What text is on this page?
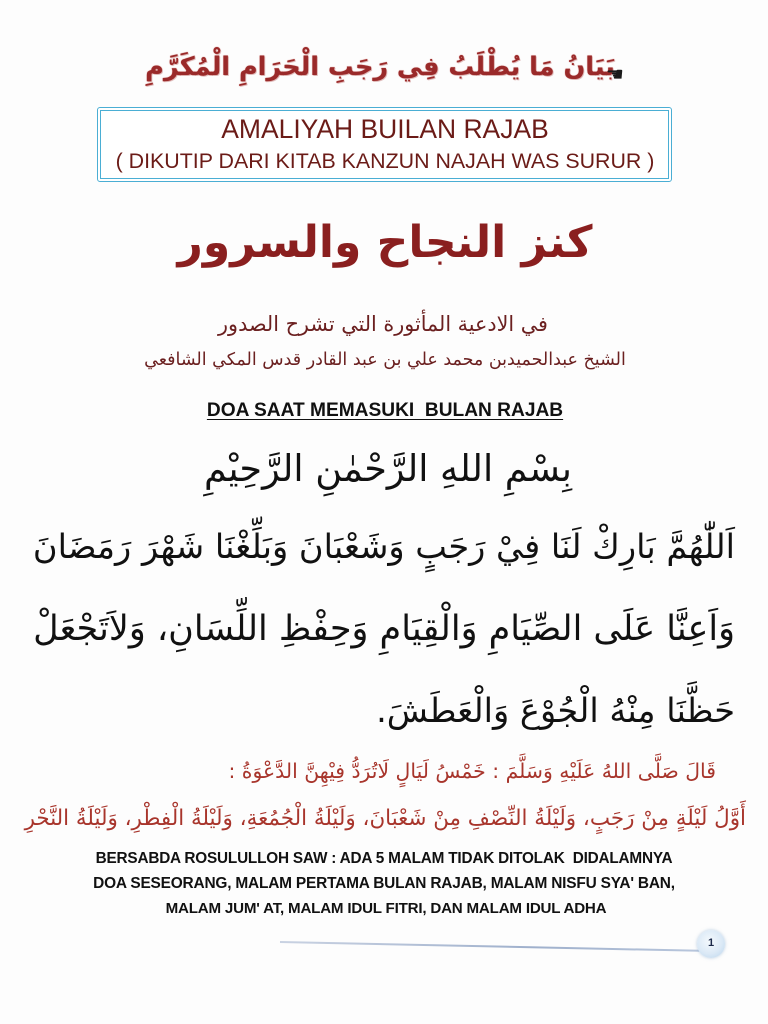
بَيَانُ مَا يُطْلَبُ فِي رَجَبِ الْحَرَامِ الْمُكَرَّمِ
☚
AMALIYAH BUILAN RAJAB
( DIKUTIP DARI KITAB KANZUN NAJAH WAS SURUR )
كنز النجاح والسرور
في الادعية المأثورة التي تشرح الصدور
الشيخ عبدالحميدبن محمد علي بن عبد القادر قدس المكي الشافعي
DOA SAAT MEMASUKI  BULAN RAJAB
بِسْمِ اللهِ الرَّحْمٰنِ الرَّحِيْمِ
اَللّٰهُمَّ بَارِكْ لَنَا فِيْ رَجَبٍ وَشَعْبَانَ وَبَلِّغْنَا شَهْرَ رَمَضَانَ
وَاَعِنَّا عَلَى الصِّيَامِ وَالْقِيَامِ وَحِفْظِ اللِّسَانِ، وَلاَتَجْعَلْ
حَظَّنَا مِنْهُ الْجُوْعَ وَالْعَطَشَ.
قَالَ صَلَّى اللهُ عَلَيْهِ وَسَلَّمَ : خَمْسُ لَيَالٍ لَاتُرَدُّ فِيْهِنَّ الدَّعْوَةُ :
أَوَّلُ لَيْلَةٍ مِنْ رَجَبٍ، وَلَيْلَةُ النِّصْفِ مِنْ شَعْبَانَ، وَلَيْلَةُ الْجُمُعَةِ، وَلَيْلَةُ الْفِطْرِ، وَلَيْلَةُ النَّحْرِ
BERSABDA ROSULULLOH SAW : ADA 5 MALAM TIDAK DITOLAK  DIDALAMNYA
DOA SESEORANG, MALAM PERTAMA BULAN RAJAB, MALAM NISFU SYA' BAN,
MALAM JUM' AT, MALAM IDUL FITRI, DAN MALAM IDUL ADHA
1
